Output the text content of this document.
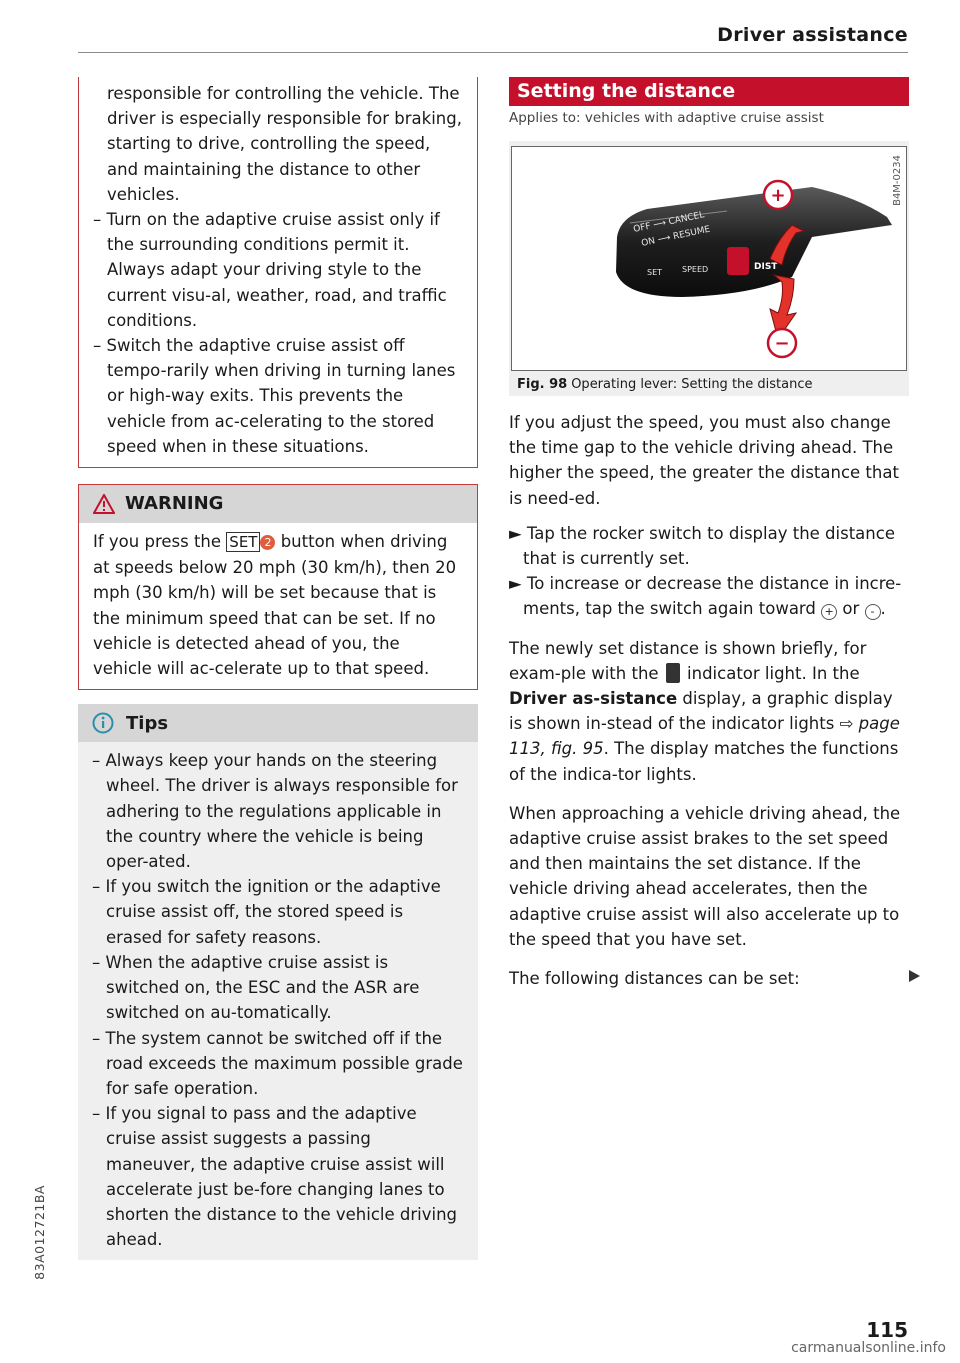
Driver assistance
responsible for controlling the vehicle. The driver is especially responsible for braking, starting to drive, controlling the speed, and maintaining the distance to other vehicles.
– Turn on the adaptive cruise assist only if the surrounding conditions permit it. Always adapt your driving style to the current visu-al, weather, road, and traffic conditions.
– Switch the adaptive cruise assist off tempo-rarily when driving in turning lanes or high-way exits. This prevents the vehicle from ac-celerating to the stored speed when in these situations.
WARNING
If you press the SET 2 button when driving at speeds below 20 mph (30 km/h), then 20 mph (30 km/h) will be set because that is the minimum speed that can be set. If no vehicle is detected ahead of you, the vehicle will ac-celerate up to that speed.
Tips
– Always keep your hands on the steering wheel. The driver is always responsible for adhering to the regulations applicable in the country where the vehicle is being oper-ated.
– If you switch the ignition or the adaptive cruise assist off, the stored speed is erased for safety reasons.
– When the adaptive cruise assist is switched on, the ESC and the ASR are switched on au-tomatically.
– The system cannot be switched off if the road exceeds the maximum possible grade for safe operation.
– If you signal to pass and the adaptive cruise assist suggests a passing maneuver, the adaptive cruise assist will accelerate just be-fore changing lanes to shorten the distance to the vehicle driving ahead.
Setting the distance
Applies to: vehicles with adaptive cruise assist
B4M-0234
OFF ⟶ CANCEL
ON ⟶ RESUME
SPEED
SET
DIST
+
−
Fig. 98 Operating lever: Setting the distance
If you adjust the speed, you must also change the time gap to the vehicle driving ahead. The higher the speed, the greater the distance that is need-ed.
► Tap the rocker switch to display the distance that is currently set.
► To increase or decrease the distance in incre-ments, tap the switch again toward + or - .
The newly set distance is shown briefly, for exam-ple with the  indicator light. In the Driver as-sistance display, a graphic display is shown in-stead of the indicator lights ⇨ page 113, fig. 95. The display matches the functions of the indica-tor lights.
When approaching a vehicle driving ahead, the adaptive cruise assist brakes to the set speed and then maintains the set distance. If the vehicle driving ahead accelerates, then the adaptive cruise assist will also accelerate up to the speed that you have set.
The following distances can be set:
83A012721BA
115
carmanualsonline.info
